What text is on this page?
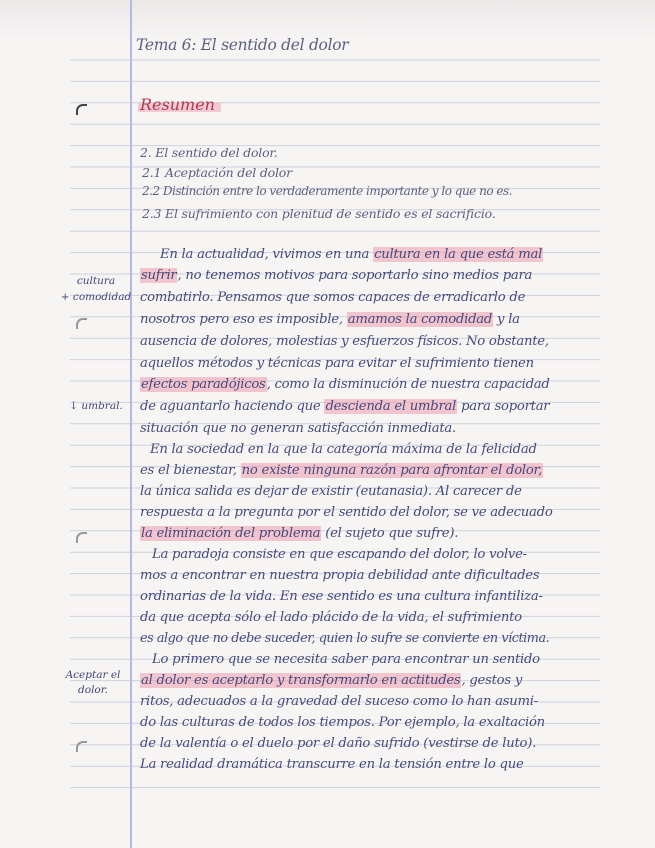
Tema 6: El sentido del dolor
Resumen
2. El sentido del dolor.
2.1 Aceptación del dolor
2.2 Distinción entre lo verdaderamente importante y lo que no es.
2.3 El sufrimiento con plenitud de sentido es el sacrificio.
cultura
+ comodidad
↓ umbral.
Aceptar el dolor.
En la actualidad, vivimos en una cultura en la que está mal
sufrir, no tenemos motivos para soportarlo sino medios para
combatirlo. Pensamos que somos capaces de erradicarlo de
nosotros pero eso es imposible, amamos la comodidad y la
ausencia de dolores, molestias y esfuerzos físicos. No obstante,
aquellos métodos y técnicas para evitar el sufrimiento tienen
efectos paradójicos, como la disminución de nuestra capacidad
de aguantarlo haciendo que descienda el umbral para soportar
situación que no generan satisfacción inmediata.
En la sociedad en la que la categoría máxima de la felicidad
es el bienestar, no existe ninguna razón para afrontar el dolor,
la única salida es dejar de existir (eutanasia). Al carecer de
respuesta a la pregunta por el sentido del dolor, se ve adecuado
la eliminación del problema (el sujeto que sufre).
La paradoja consiste en que escapando del dolor, lo volve-
mos a encontrar en nuestra propia debilidad ante dificultades
ordinarias de la vida. En ese sentido es una cultura infantiliza-
da que acepta sólo el lado plácido de la vida, el sufrimiento
es algo que no debe suceder, quien lo sufre se convierte en víctima.
Lo primero que se necesita saber para encontrar un sentido
al dolor es aceptarlo y transformarlo en actitudes, gestos y
ritos, adecuados a la gravedad del suceso como lo han asumi-
do las culturas de todos los tiempos. Por ejemplo, la exaltación
de la valentía o el duelo por el daño sufrido (vestirse de luto).
La realidad dramática transcurre en la tensión entre lo que
